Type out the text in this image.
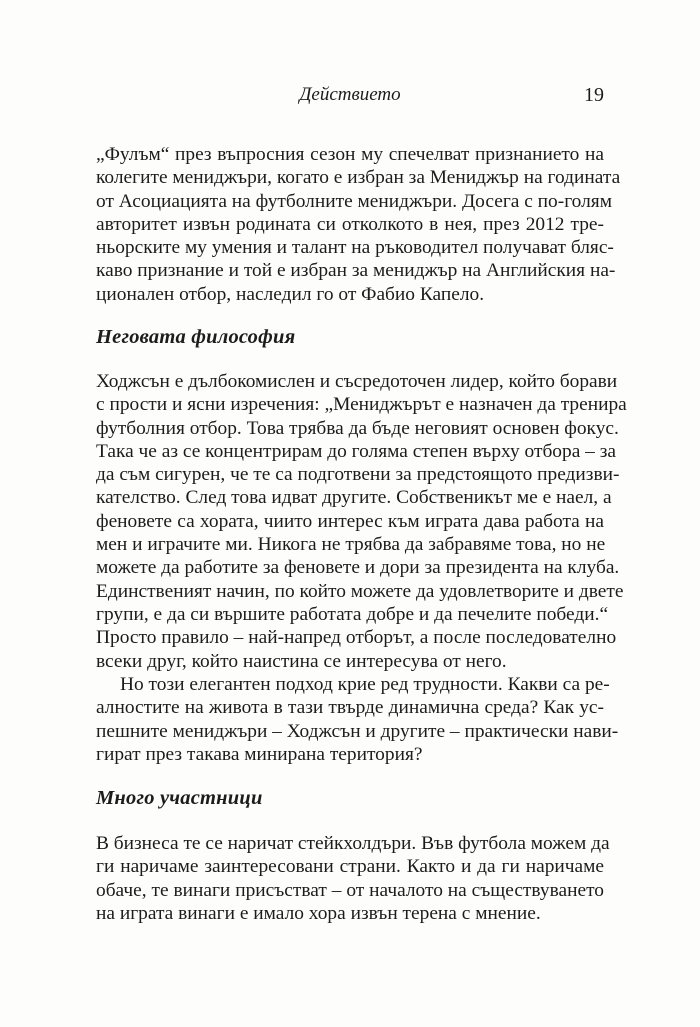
Действието	19
„Фулъм“ през въпросния сезон му спечелват признанието на
колегите мениджъри, когато е избран за Мениджър на годината
от Асоциацията на футболните мениджъри. Досега с по-голям
авторитет извън родината си отколкото в нея, през 2012 тре-
ньорските му умения и талант на ръководител получават бляс-
каво признание и той е избран за мениджър на Английския на-
ционален отбор, наследил го от Фабио Капело.
Неговата философия
Ходжсън е дълбокомислен и съсредоточен лидер, който борави
с прости и ясни изречения: „Мениджърът е назначен да тренира
футболния отбор. Това трябва да бъде неговият основен фокус.
Така че аз се концентрирам до голяма степен върху отбора – за
да съм сигурен, че те са подготвени за предстоящото предизви-
кателство. След това идват другите. Собственикът ме е наел, а
феновете са хората, чиито интерес към играта дава работа на
мен и играчите ми. Никога не трябва да забравяме това, но не
можете да работите за феновете и дори за президента на клуба.
Единственият начин, по който можете да удовлетворите и двете
групи, е да си вършите работата добре и да печелите победи.“
Просто правило – най-напред отборът, а после последователно
всеки друг, който наистина се интересува от него.
Но този елегантен подход крие ред трудности. Какви са ре-
алностите на живота в тази твърде динамична среда? Как ус-
пешните мениджъри – Ходжсън и другите – практически нави-
гират през такава минирана територия?
Много участници
В бизнеса те се наричат стейкхолдъри. Във футбола можем да
ги наричаме заинтересовани страни. Както и да ги наричаме
обаче, те винаги присъстват – от началото на съществуването
на играта винаги е имало хора извън терена с мнение.
